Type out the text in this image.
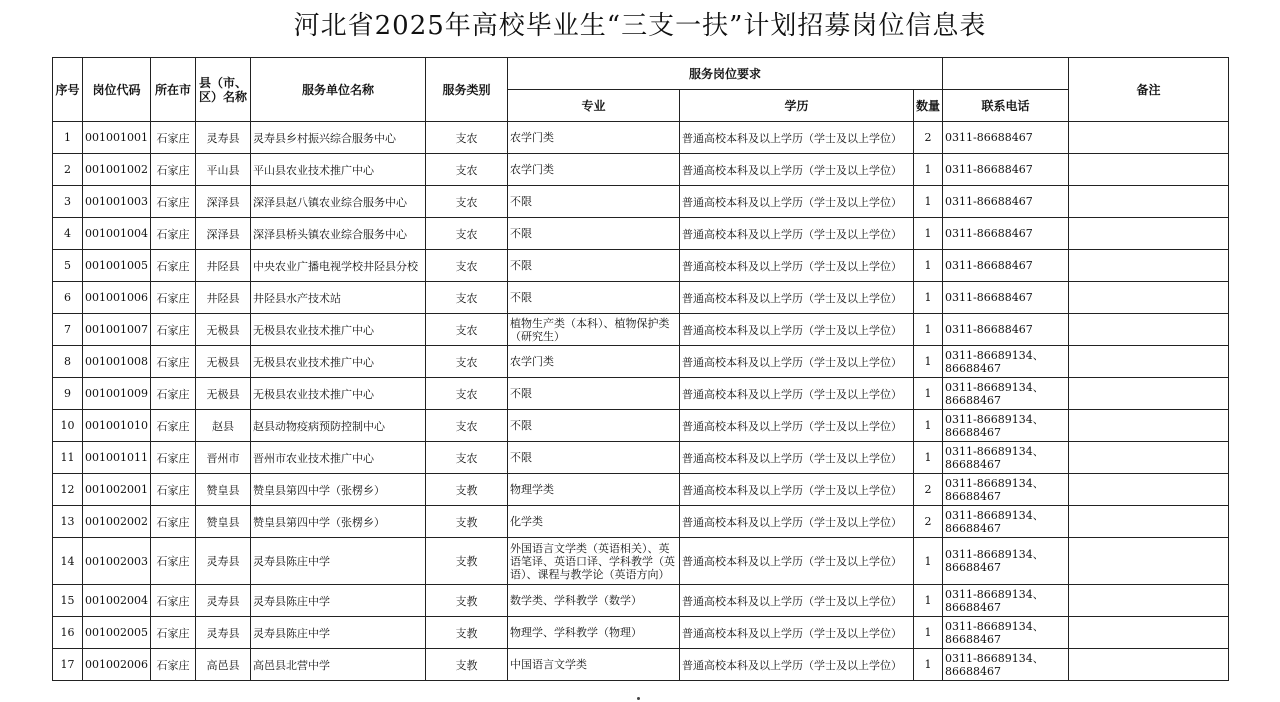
河北省2025年高校毕业生“三支一扶”计划招募岗位信息表
序号	岗位代码	所在市	县（市、区）名称	服务单位名称	服务类别	服务岗位要求				备注
						专业	学历	数量	联系电话	
1	001001001	石家庄	灵寿县	灵寿县乡村振兴综合服务中心	支农	农学门类	普通高校本科及以上学历（学士及以上学位）	2	0311-86688467	
2	001001002	石家庄	平山县	平山县农业技术推广中心	支农	农学门类	普通高校本科及以上学历（学士及以上学位）	1	0311-86688467	
3	001001003	石家庄	深泽县	深泽县赵八镇农业综合服务中心	支农	不限	普通高校本科及以上学历（学士及以上学位）	1	0311-86688467	
4	001001004	石家庄	深泽县	深泽县桥头镇农业综合服务中心	支农	不限	普通高校本科及以上学历（学士及以上学位）	1	0311-86688467	
5	001001005	石家庄	井陉县	中央农业广播电视学校井陉县分校	支农	不限	普通高校本科及以上学历（学士及以上学位）	1	0311-86688467	
6	001001006	石家庄	井陉县	井陉县水产技术站	支农	不限	普通高校本科及以上学历（学士及以上学位）	1	0311-86688467	
7	001001007	石家庄	无极县	无极县农业技术推广中心	支农	植物生产类（本科）、植物保护类（研究生）	普通高校本科及以上学历（学士及以上学位）	1	0311-86688467	
8	001001008	石家庄	无极县	无极县农业技术推广中心	支农	农学门类	普通高校本科及以上学历（学士及以上学位）	1	0311-86689134、86688467	
9	001001009	石家庄	无极县	无极县农业技术推广中心	支农	不限	普通高校本科及以上学历（学士及以上学位）	1	0311-86689134、86688467	
10	001001010	石家庄	赵县	赵县动物疫病预防控制中心	支农	不限	普通高校本科及以上学历（学士及以上学位）	1	0311-86689134、86688467	
11	001001011	石家庄	晋州市	晋州市农业技术推广中心	支农	不限	普通高校本科及以上学历（学士及以上学位）	1	0311-86689134、86688467	
12	001002001	石家庄	赞皇县	赞皇县第四中学（张楞乡）	支教	物理学类	普通高校本科及以上学历（学士及以上学位）	2	0311-86689134、86688467	
13	001002002	石家庄	赞皇县	赞皇县第四中学（张楞乡）	支教	化学类	普通高校本科及以上学历（学士及以上学位）	2	0311-86689134、86688467	
14	001002003	石家庄	灵寿县	灵寿县陈庄中学	支教	外国语言文学类（英语相关）、英语笔译、英语口译、学科教学（英语）、课程与教学论（英语方向）	普通高校本科及以上学历（学士及以上学位）	1	0311-86689134、86688467	
15	001002004	石家庄	灵寿县	灵寿县陈庄中学	支教	数学类、学科教学（数学）	普通高校本科及以上学历（学士及以上学位）	1	0311-86689134、86688467	
16	001002005	石家庄	灵寿县	灵寿县陈庄中学	支教	物理学、学科教学（物理）	普通高校本科及以上学历（学士及以上学位）	1	0311-86689134、86688467	
17	001002006	石家庄	高邑县	高邑县北营中学	支教	中国语言文学类	普通高校本科及以上学历（学士及以上学位）	1	0311-86689134、86688467	
